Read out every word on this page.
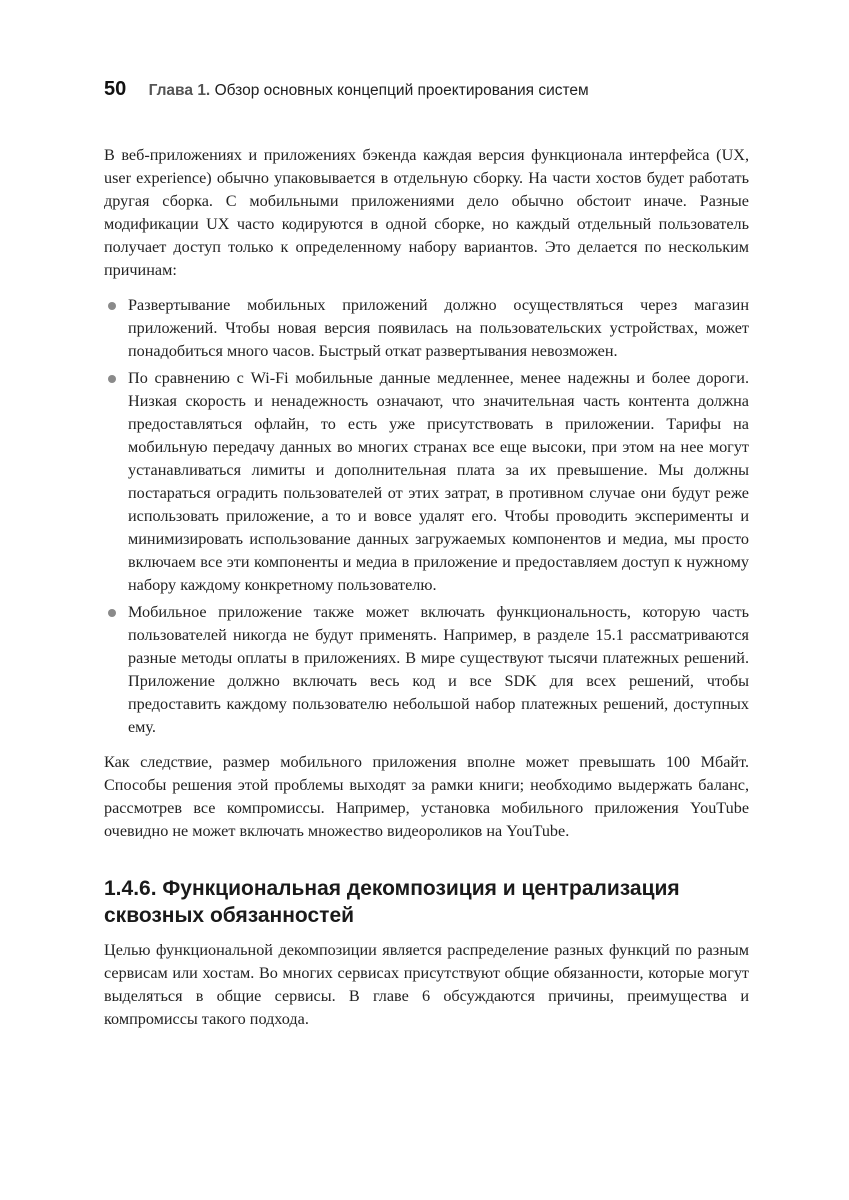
50 Глава 1. Обзор основных концепций проектирования систем

В веб-приложениях и приложениях бэкенда каждая версия функционала интерфейса (UX, user experience) обычно упаковывается в отдельную сборку. На части хостов будет работать другая сборка. С мобильными приложениями дело обычно обстоит иначе. Разные модификации UX часто кодируются в одной сборке, но каждый отдельный пользователь получает доступ только к определенному набору вариантов. Это делается по нескольким причинам:

Развертывание мобильных приложений должно осуществляться через магазин приложений. Чтобы новая версия появилась на пользовательских устройствах, может понадобиться много часов. Быстрый откат развертывания невозможен.
По сравнению с Wi-Fi мобильные данные медленнее, менее надежны и более дороги. Низкая скорость и ненадежность означают, что значительная часть контента должна предоставляться офлайн, то есть уже присутствовать в приложении. Тарифы на мобильную передачу данных во многих странах все еще высоки, при этом на нее могут устанавливаться лимиты и дополнительная плата за их превышение. Мы должны постараться оградить пользователей от этих затрат, в противном случае они будут реже использовать приложение, а то и вовсе удалят его. Чтобы проводить эксперименты и минимизировать использование данных загружаемых компонентов и медиа, мы просто включаем все эти компоненты и медиа в приложение и предоставляем доступ к нужному набору каждому конкретному пользователю.
Мобильное приложение также может включать функциональность, которую часть пользователей никогда не будут применять. Например, в разделе 15.1 рассматриваются разные методы оплаты в приложениях. В мире существуют тысячи платежных решений. Приложение должно включать весь код и все SDK для всех решений, чтобы предоставить каждому пользователю небольшой набор платежных решений, доступных ему.

Как следствие, размер мобильного приложения вполне может превышать 100 Мбайт. Способы решения этой проблемы выходят за рамки книги; необходимо выдержать баланс, рассмотрев все компромиссы. Например, установка мобильного приложения YouTube очевидно не может включать множество видеороликов на YouTube.

1.4.6. Функциональная декомпозиция и централизация сквозных обязанностей

Целью функциональной декомпозиции является распределение разных функций по разным сервисам или хостам. Во многих сервисах присутствуют общие обязанности, которые могут выделяться в общие сервисы. В главе 6 обсуждаются причины, преимущества и компромиссы такого подхода.
